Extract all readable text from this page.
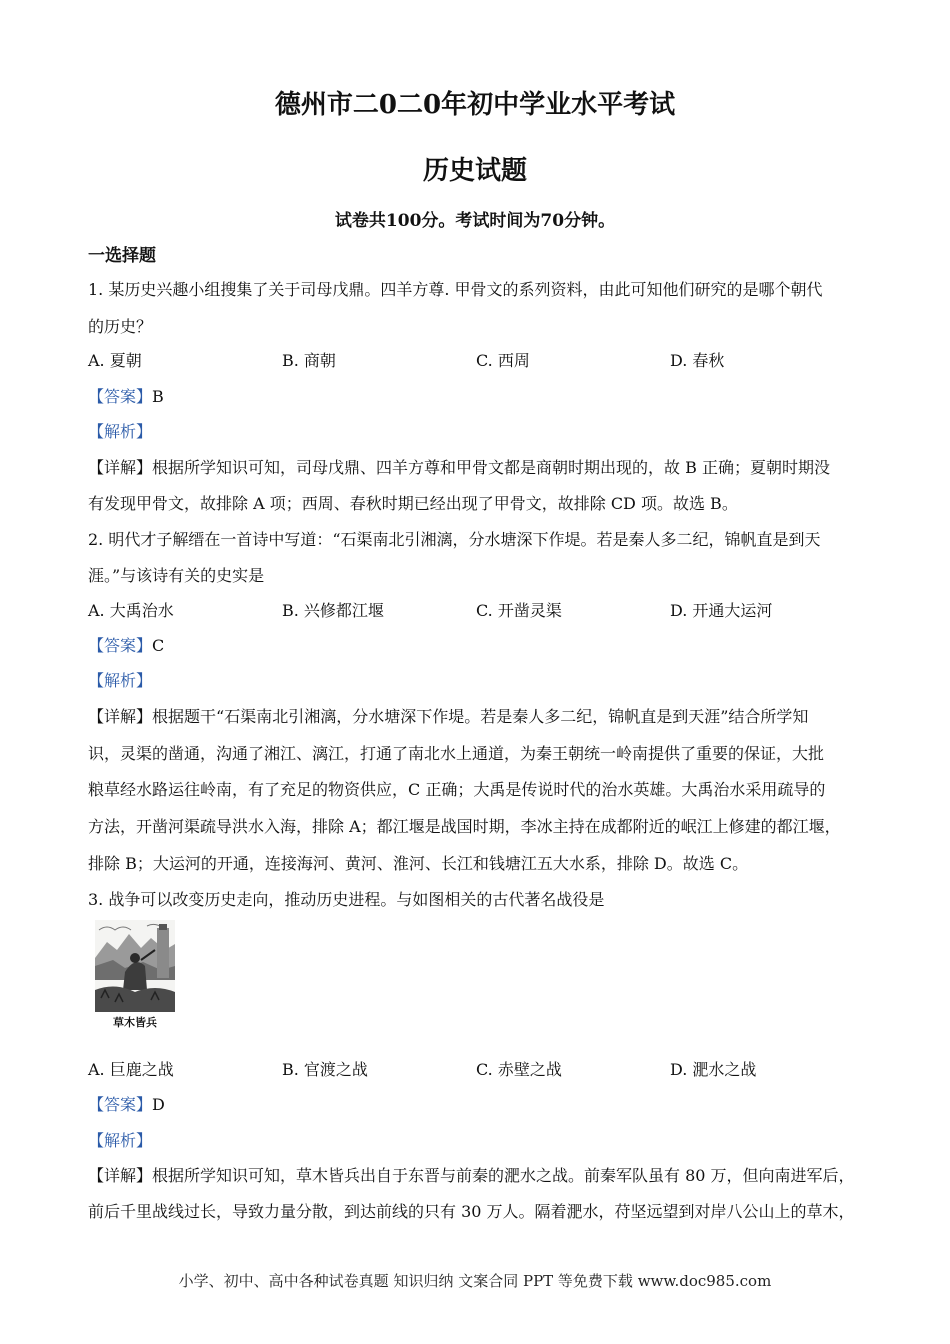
德州市二0二0年初中学业水平考试
历史试题
试卷共100分。考试时间为70分钟。
一选择题
1. 某历史兴趣小组搜集了关于司母戊鼎。四羊方尊. 甲骨文的系列资料，由此可知他们研究的是哪个朝代
的历史？
A. 夏朝	B. 商朝	C. 西周	D. 春秋
【答案】B
【解析】
【详解】根据所学知识可知，司母戊鼎、四羊方尊和甲骨文都是商朝时期出现的，故 B 正确；夏朝时期没
有发现甲骨文，故排除 A 项；西周、春秋时期已经出现了甲骨文，故排除 CD 项。故选 B。
2. 明代才子解缙在一首诗中写道：“石渠南北引湘漓，分水塘深下作堤。若是秦人多二纪，锦帆直是到天
涯。”与该诗有关的史实是
A. 大禹治水	B. 兴修都江堰	C. 开凿灵渠	D. 开通大运河
【答案】C
【解析】
【详解】根据题干“石渠南北引湘漓，分水塘深下作堤。若是秦人多二纪，锦帆直是到天涯”结合所学知
识，灵渠的凿通，沟通了湘江、漓江，打通了南北水上通道，为秦王朝统一岭南提供了重要的保证，大批
粮草经水路运往岭南，有了充足的物资供应，C 正确；大禹是传说时代的治水英雄。大禹治水采用疏导的
方法，开凿河渠疏导洪水入海，排除 A；都江堰是战国时期，李冰主持在成都附近的岷江上修建的都江堰，
排除 B；大运河的开通，连接海河、黄河、淮河、长江和钱塘江五大水系，排除 D。故选 C。
3. 战争可以改变历史走向，推动历史进程。与如图相关的古代著名战役是
草木皆兵
A. 巨鹿之战	B. 官渡之战	C. 赤壁之战	D. 淝水之战
【答案】D
【解析】
【详解】根据所学知识可知，草木皆兵出自于东晋与前秦的淝水之战。前秦军队虽有 80 万，但向南进军后，
前后千里战线过长，导致力量分散，到达前线的只有 30 万人。隔着淝水，苻坚远望到对岸八公山上的草木，
小学、初中、高中各种试卷真题 知识归纳 文案合同 PPT 等免费下载 www.doc985.com
